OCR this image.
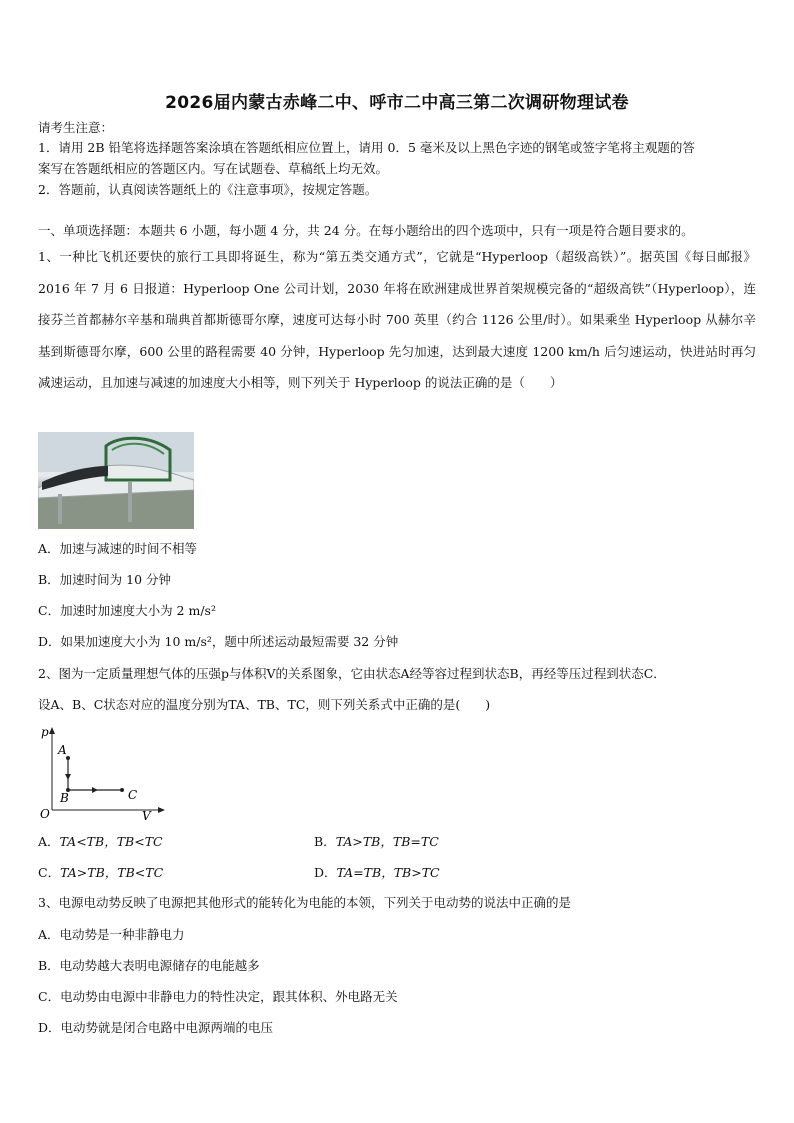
2026届内蒙古赤峰二中、呼市二中高三第二次调研物理试卷
请考生注意：
1．请用 2B 铅笔将选择题答案涂填在答题纸相应位置上，请用 0．5 毫米及以上黑色字迹的钢笔或签字笔将主观题的答
案写在答题纸相应的答题区内。写在试题卷、草稿纸上均无效。
2．答题前，认真阅读答题纸上的《注意事项》，按规定答题。
一、单项选择题：本题共 6 小题，每小题 4 分，共 24 分。在每小题给出的四个选项中，只有一项是符合题目要求的。
1、一种比飞机还要快的旅行工具即将诞生，称为“第五类交通方式”，它就是“Hyperloop（超级高铁）”。据英国《每日邮报》2016 年 7 月 6 日报道：Hyperloop One 公司计划，2030 年将在欧洲建成世界首架规模完备的“超级高铁”（Hyperloop），连接芬兰首都赫尔辛基和瑞典首都斯德哥尔摩，速度可达每小时 700 英里（约合 1126 公里/时）。如果乘坐 Hyperloop 从赫尔辛基到斯德哥尔摩，600 公里的路程需要 40 分钟，Hyperloop 先匀加速，达到最大速度 1200 km/h 后匀速运动，快进站时再匀减速运动，且加速与减速的加速度大小相等，则下列关于 Hyperloop 的说法正确的是（　　）
A．加速与减速的时间不相等
B．加速时间为 10 分钟
C．加速时加速度大小为 2 m/s²
D．如果加速度大小为 10 m/s²，题中所述运动最短需要 32 分钟
2、图为一定质量理想气体的压强p与体积V的关系图象，它由状态A经等容过程到状态B，再经等压过程到状态C．
设A、B、C状态对应的温度分别为TA、TB、TC，则下列关系式中正确的是(　　)
p
V
O
A
B	C
A．TA<TB，TB<TC	B．TA>TB，TB=TC
C．TA>TB，TB<TC	D．TA=TB，TB>TC
3、电源电动势反映了电源把其他形式的能转化为电能的本领，下列关于电动势的说法中正确的是
A．电动势是一种非静电力
B．电动势越大表明电源储存的电能越多
C．电动势由电源中非静电力的特性决定，跟其体积、外电路无关
D．电动势就是闭合电路中电源两端的电压
